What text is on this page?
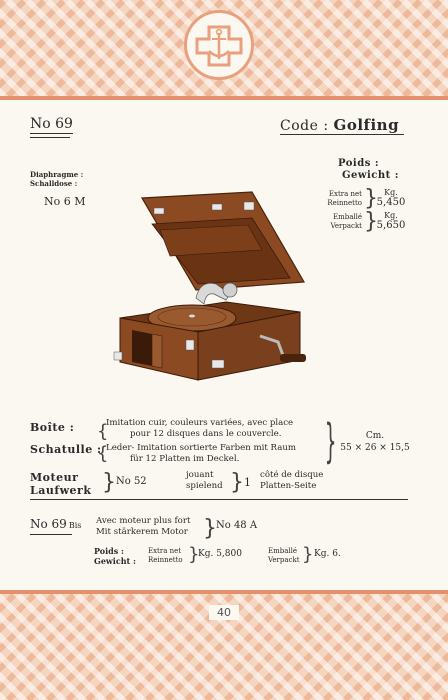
No 69	Code : Golfing
Diaphragme :
Schalldose :
No 6 M
Poids :
Gewicht :
Extra net
Reinnetto } Kg.
5,450
Emballé
Verpackt } Kg.
5,650
Boîte :
Schatulle :
Imitation cuir, couleurs variées, avec place
pour 12 disques dans le couvercle.
{
Leder- Imitation sortierte Farben mit Raum
für 12 Platten im Deckel.
{	}	Cm.
55 × 26 × 15,5
Moteur
Laufwerk } No 52
jouant
spielend } 1
côté de disque
Platten-Seite
No 69 Bis Avec moteur plus fort
Mit stärkerem Motor } No 48 A
Poids :
Gewicht :
Extra net
Reinnetto }
Kg. 5,800	Emballé
Verpackt } Kg. 6.
40
